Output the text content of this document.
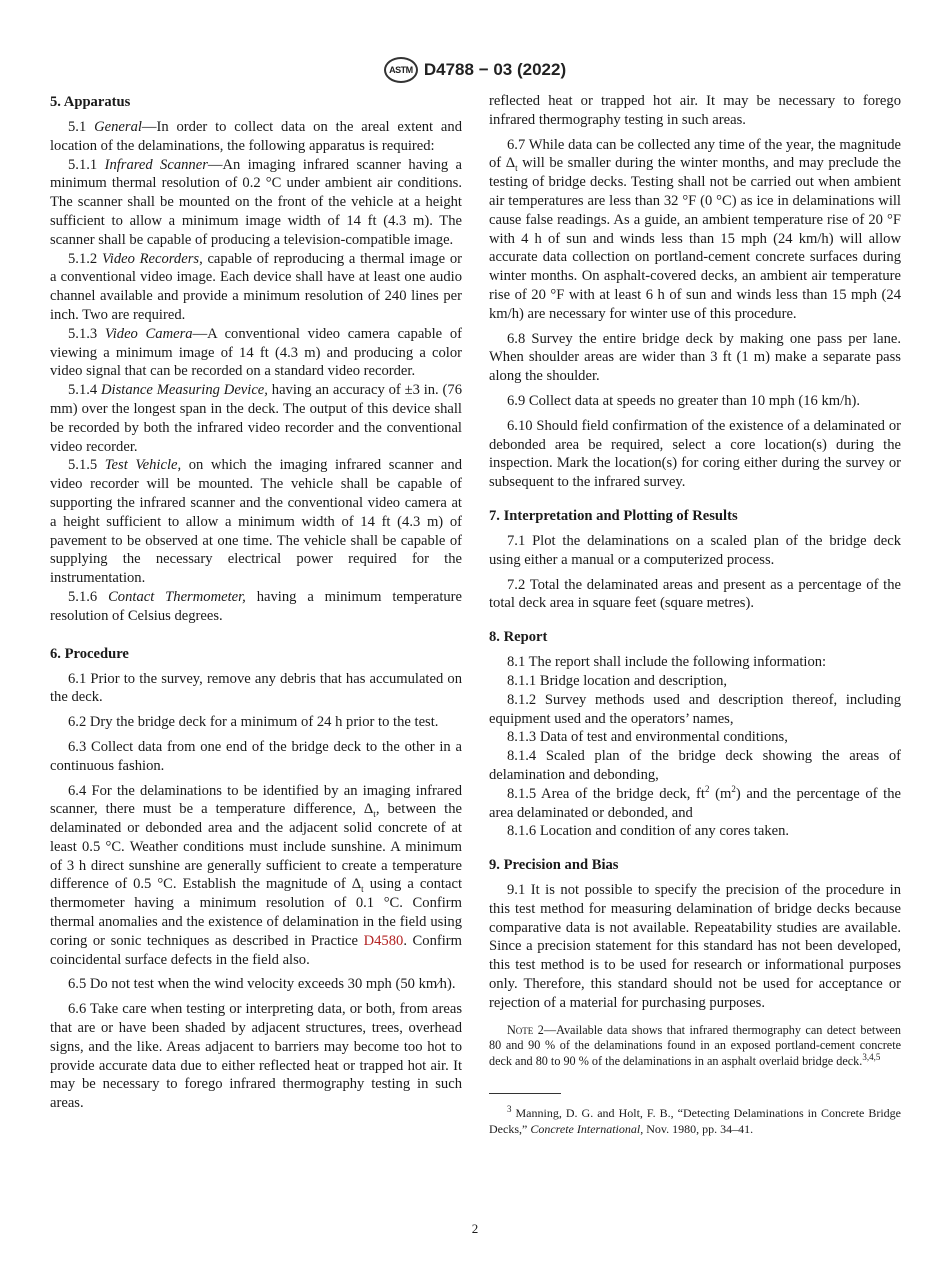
ASTM D4788 − 03 (2022)
5. Apparatus

5.1 General—In order to collect data on the areal extent and location of the delaminations, the following apparatus is required:

5.1.1 Infrared Scanner—An imaging infrared scanner having a minimum thermal resolution of 0.2 °C under ambient air conditions. The scanner shall be mounted on the front of the vehicle at a height sufficient to allow a minimum image width of 14 ft (4.3 m). The scanner shall be capable of producing a television-compatible image.

5.1.2 Video Recorders, capable of reproducing a thermal image or a conventional video image. Each device shall have at least one audio channel available and provide a minimum resolution of 240 lines per inch. Two are required.

5.1.3 Video Camera—A conventional video camera capable of viewing a minimum image of 14 ft (4.3 m) and producing a color video signal that can be recorded on a standard video recorder.

5.1.4 Distance Measuring Device, having an accuracy of ±3 in. (76 mm) over the longest span in the deck. The output of this device shall be recorded by both the infrared video recorder and the conventional video recorder.

5.1.5 Test Vehicle, on which the imaging infrared scanner and video recorder will be mounted. The vehicle shall be capable of supporting the infrared scanner and the conventional video camera at a height sufficient to allow a minimum width of 14 ft (4.3 m) of pavement to be observed at one time. The vehicle shall be capable of supplying the necessary electrical power required for the instrumentation.

5.1.6 Contact Thermometer, having a minimum temperature resolution of Celsius degrees.

6. Procedure

6.1 Prior to the survey, remove any debris that has accumulated on the deck.

6.2 Dry the bridge deck for a minimum of 24 h prior to the test.

6.3 Collect data from one end of the bridge deck to the other in a continuous fashion.

6.4 For the delaminations to be identified by an imaging infrared scanner, there must be a temperature difference, $\Delta_t$, between the delaminated or debonded area and the adjacent solid concrete of at least 0.5 °C. Weather conditions must include sunshine. A minimum of 3 h direct sunshine are generally sufficient to create a temperature difference of 0.5 °C. Establish the magnitude of $\Delta_t$ using a contact thermometer having a minimum resolution of 0.1 °C. Confirm thermal anomalies and the existence of delamination in the field using coring or sonic techniques as described in Practice D4580. Confirm coincidental surface defects in the field also.

6.5 Do not test when the wind velocity exceeds 30 mph (50 km⁄h).

6.6 Take care when testing or interpreting data, or both, from areas that are or have been shaded by adjacent structures, trees, overhead signs, and the like. Areas adjacent to barriers may become too hot to provide accurate data due to either reflected heat or trapped hot air. It may be necessary to forego infrared thermography testing in such areas.

reflected heat or trapped hot air. It may be necessary to forego infrared thermography testing in such areas.

6.7 While data can be collected any time of the year, the magnitude of $\Delta_t$ will be smaller during the winter months, and may preclude the testing of bridge decks. Testing shall not be carried out when ambient air temperatures are less than 32 °F (0 °C) as ice in delaminations will cause false readings. As a guide, an ambient temperature rise of 20 °F with 4 h of sun and winds less than 15 mph (24 km/h) will allow accurate data collection on portland-cement concrete surfaces during winter months. On asphalt-covered decks, an ambient air temperature rise of 20 °F with at least 6 h of sun and winds less than 15 mph (24 km/h) are necessary for winter use of this procedure.

6.8 Survey the entire bridge deck by making one pass per lane. When shoulder areas are wider than 3 ft (1 m) make a separate pass along the shoulder.

6.9 Collect data at speeds no greater than 10 mph (16 km/h).

6.10 Should field confirmation of the existence of a delaminated or debonded area be required, select a core location(s) during the inspection. Mark the location(s) for coring either during the survey or subsequent to the infrared survey.

7. Interpretation and Plotting of Results

7.1 Plot the delaminations on a scaled plan of the bridge deck using either a manual or a computerized process.

7.2 Total the delaminated areas and present as a percentage of the total deck area in square feet (square metres).

8. Report

8.1 The report shall include the following information:

8.1.1 Bridge location and description,

8.1.2 Survey methods used and description thereof, including equipment used and the operators’ names,

8.1.3 Data of test and environmental conditions,

8.1.4 Scaled plan of the bridge deck showing the areas of delamination and debonding,

8.1.5 Area of the bridge deck, $ft^2$ $(m^2)$ and the percentage of the area delaminated or debonded, and

8.1.6 Location and condition of any cores taken.

9. Precision and Bias

9.1 It is not possible to specify the precision of the procedure in this test method for measuring delamination of bridge decks because comparative data is not available. Repeatability studies are available. Since a precision statement for this standard has not been developed, this test method is to be used for research or informational purposes only. Therefore, this standard should not be used for acceptance or rejection of a material for purchasing purposes.

Note 2—Available data shows that infrared thermography can detect between 80 and 90 % of the delaminations found in an exposed portland-cement concrete deck and 80 to 90 % of the delaminations in an asphalt overlaid bridge deck.$^{3,4,5}$
$^3$ Manning, D. G. and Holt, F. B., “Detecting Delaminations in Concrete Bridge Decks,” Concrete International, Nov. 1980, pp. 34–41.
2
